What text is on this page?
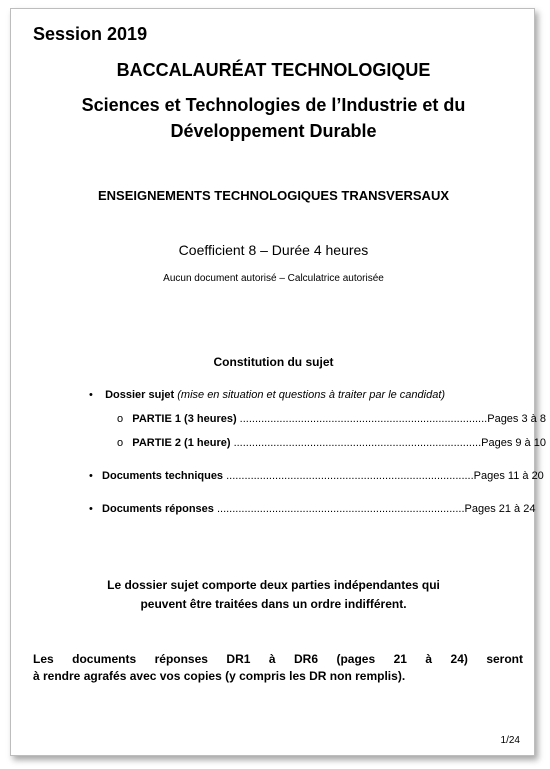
Session 2019
BACCALAURÉAT TECHNOLOGIQUE
Sciences et Technologies de l’Industrie et du
Développement Durable
ENSEIGNEMENTS TECHNOLOGIQUES TRANSVERSAUX
Coefficient 8 – Durée 4 heures
Aucun document autorisé – Calculatrice autorisée
Constitution du sujet
• Dossier sujet (mise en situation et questions à traiter par le candidat)
o
PARTIE 1 (3 heures) ................................................................................. Pages 3 à 8
o
PARTIE 2 (1 heure) ................................................................................. Pages 9 à 10
•
Documents techniques ................................................................................. Pages 11 à 20
•
Documents réponses ................................................................................. Pages 21 à 24
Le dossier sujet comporte deux parties indépendantes qui
peuvent être traitées dans un ordre indifférent.
Les documents réponses DR1 à DR6 (pages 21 à 24) seront
à rendre agrafés avec vos copies (y compris les DR non remplis).
1/24
